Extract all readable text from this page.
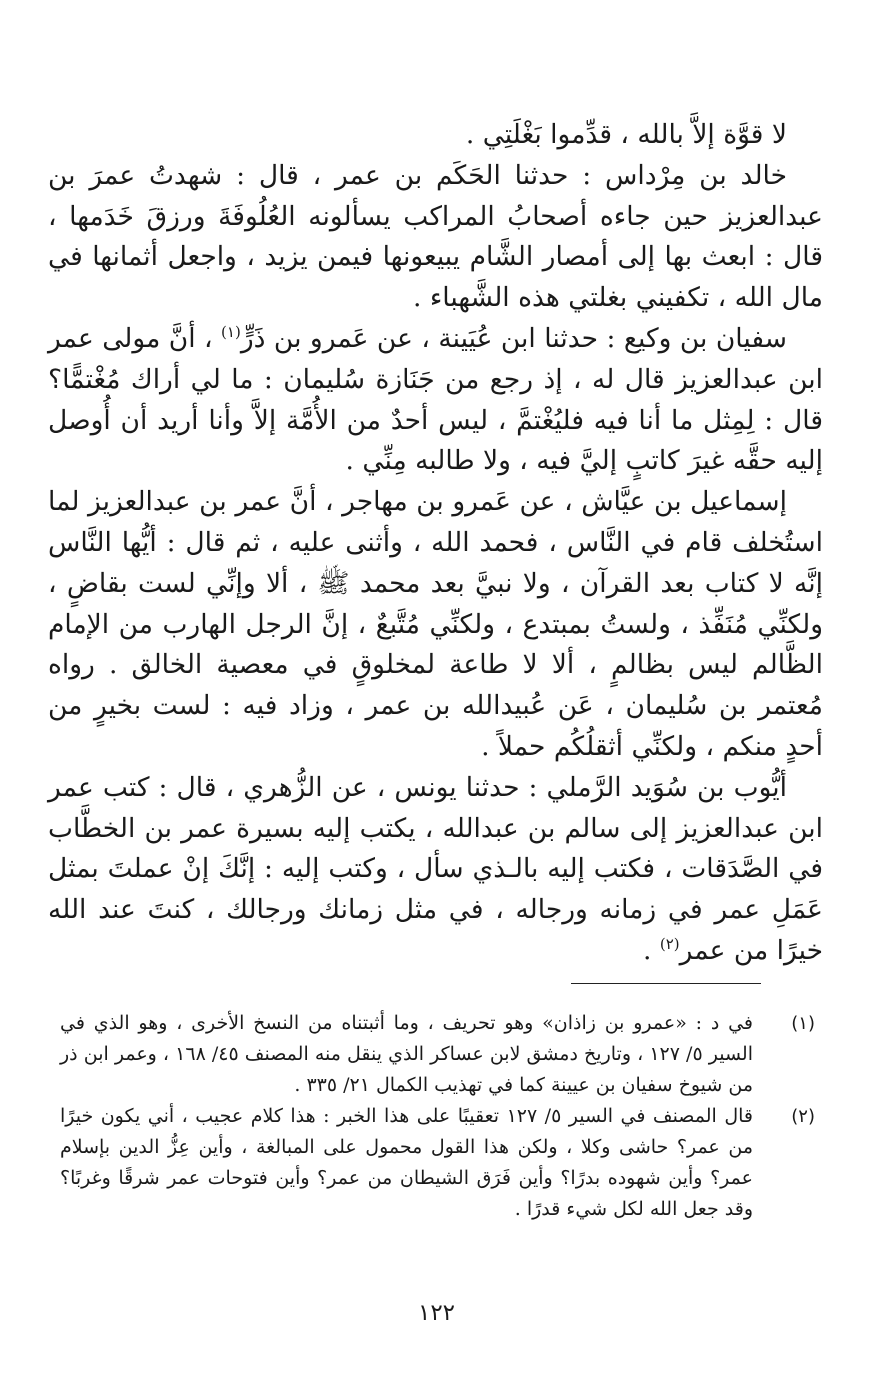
لا قوَّة إلاَّ بالله ، قدِّموا بَغْلَتِي .

خالد بن مِرْداس : حدثنا الحَكَم بن عمر ، قال : شهدتُ عمرَ بن عبدالعزيز حين جاءه أصحابُ المراكب يسألونه العُلُوفَةَ ورزقَ خَدَمها ، قال : ابعث بها إلى أمصار الشَّام يبيعونها فيمن يزيد ، واجعل أثمانها في مال الله ، تكفيني بغلتي هذه الشَّهباء .

سفيان بن وكيع : حدثنا ابن عُيَينة ، عن عَمرو بن ذَرٍّ$^{(١)}$ ، أنَّ مولى عمر ابن عبدالعزيز قال له ، إذ رجع من جَنَازة سُليمان : ما لي أراك مُغْتمًّا؟ قال : لِمِثل ما أنا فيه فليُغْتمَّ ، ليس أحدٌ من الأُمَّة إلاَّ وأنا أريد أن أُوصل إليه حقَّه غيرَ كاتبٍ إليَّ فيه ، ولا طالبه مِنِّي .

إسماعيل بن عيَّاش ، عن عَمرو بن مهاجر ، أنَّ عمر بن عبدالعزيز لما استُخلف قام في النَّاس ، فحمد الله ، وأثنى عليه ، ثم قال : أيُّها النَّاس إنَّه لا كتاب بعد القرآن ، ولا نبيَّ بعد محمد ﷺ ، ألا وإنِّي لست بقاضٍ ، ولكنِّي مُنَفِّذ ، ولستُ بمبتدع ، ولكنِّي مُتَّبعٌ ، إنَّ الرجل الهارب من الإمام الظَّالم ليس بظالمٍ ، ألا لا طاعة لمخلوقٍ في معصية الخالق . رواه مُعتمر بن سُليمان ، عَن عُبيدالله بن عمر ، وزاد فيه : لست بخيرٍ من أحدٍ منكم ، ولكنِّي أثقلُكُم حملاً .

أيُّوب بن سُوَيد الرَّملي : حدثنا يونس ، عن الزُّهري ، قال : كتب عمر ابن عبدالعزيز إلى سالم بن عبدالله ، يكتب إليه بسيرة عمر بن الخطَّاب في الصَّدَقات ، فكتب إليه بالـذي سأل ، وكتب إليه : إنَّكَ إنْ عملتَ بمثل عَمَلِ عمر في زمانه ورجاله ، في مثل زمانك ورجالك ، كنتَ عند الله خيرًا من عمر$^{(٢)}$ .

(١)
في د : «عمرو بن زاذان» وهو تحريف ، وما أثبتناه من النسخ الأخرى ، وهو الذي في السير ٥/ ١٢٧ ، وتاريخ دمشق لابن عساكر الذي ينقل منه المصنف ٤٥/ ١٦٨ ، وعمر ابن ذر من شيوخ سفيان بن عيينة كما في تهذيب الكمال ٢١/ ٣٣٥ .
(٢)
قال المصنف في السير ٥/ ١٢٧ تعقيبًا على هذا الخبر : هذا كلام عجيب ، أني يكون خيرًا من عمر؟ حاشى وكلا ، ولكن هذا القول محمول على المبالغة ، وأين عِزُّ الدين بإسلام عمر؟ وأين شهوده بدرًا؟ وأين فَرَق الشيطان من عمر؟ وأين فتوحات عمر شرقًا وغربًا؟ وقد جعل الله لكل شيء قدرًا .
١٢٢
